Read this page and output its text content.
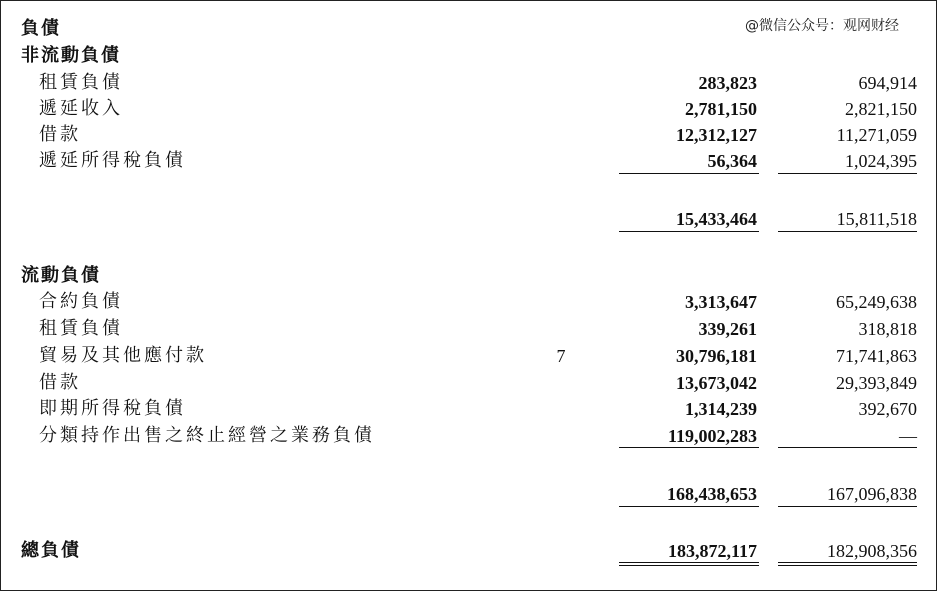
@微信公众号：观网财经
負債
非流動負債
租賃負債	283,823	694,914
遞延收入	2,781,150	2,821,150
借款	12,312,127	11,271,059
遞延所得稅負債	56,364	1,024,395
15,433,464	15,811,518
流動負債
合約負債	3,313,647	65,249,638
租賃負債	339,261	318,818
貿易及其他應付款	7	30,796,181	71,741,863
借款	13,673,042	29,393,849
即期所得稅負債	1,314,239	392,670
分類持作出售之終止經營之業務負債	119,002,283	—
168,438,653	167,096,838
總負債	183,872,117	182,908,356
